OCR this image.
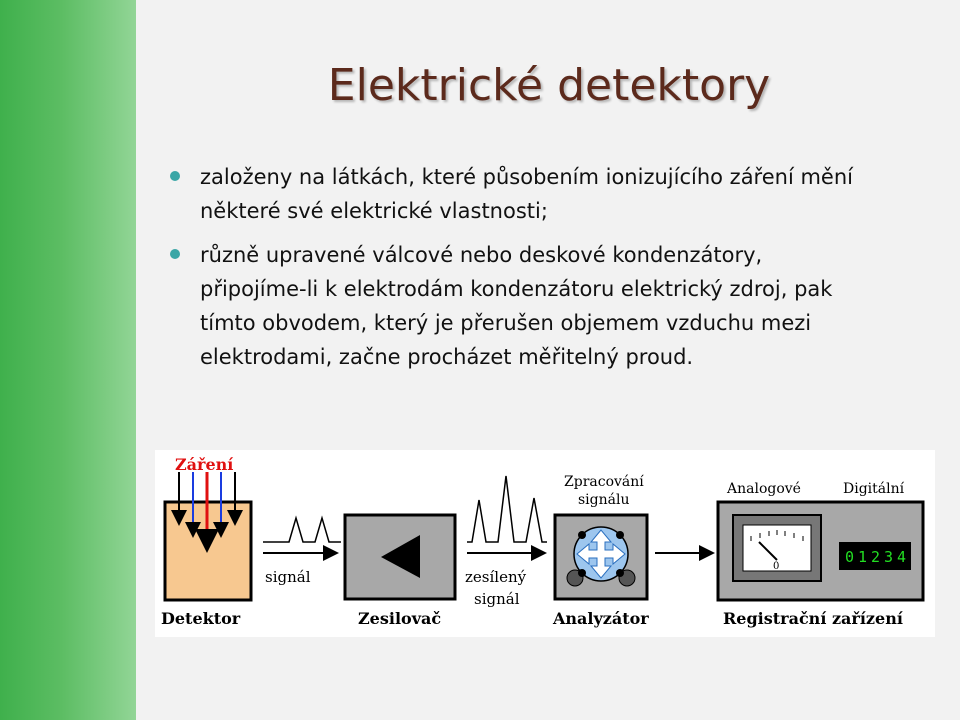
Elektrické detektory
založeny na látkách, které působením ionizujícího záření mění
některé své elektrické vlastnosti;
různě upravené válcové nebo deskové kondenzátory,
připojíme-li k elektrodám kondenzátoru elektrický zdroj, pak
tímto obvodem, který je přerušen objemem vzduchu mezi
elektrodami, začne procházet měřitelný proud.
Záření
Detektor
signál
Zesilovač
zesílený
signál
Zpracování
signálu
Analyzátor
Analogové	Digitální
0
0 1 2 3 4
Registrační zařízení
